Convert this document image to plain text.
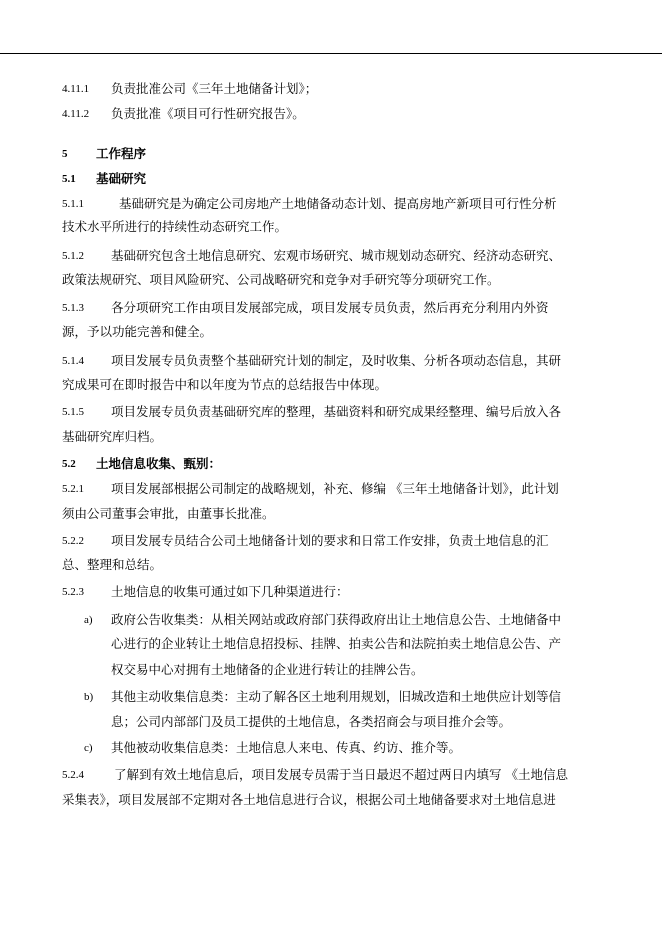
4.11.1 负责批准公司《三年土地储备计划》；
4.11.2 负责批准《项目可行性研究报告》。
5 工作程序
5.1 基础研究
5.1.1	基础研究是为确定公司房地产土地储备动态计划、提高房地产新项目可行性分析
技术水平所进行的持续性动态研究工作。
5.1.2 基础研究包含土地信息研究、宏观市场研究、城市规划动态研究、经济动态研究、
政策法规研究、项目风险研究、公司战略研究和竞争对手研究等分项研究工作。
5.1.3 各分项研究工作由项目发展部完成，项目发展专员负责，然后再充分利用内外资
源，予以功能完善和健全。
5.1.4 项目发展专员负责整个基础研究计划的制定，及时收集、分析各项动态信息，其研
究成果可在即时报告中和以年度为节点的总结报告中体现。
5.1.5 项目发展专员负责基础研究库的整理，基础资料和研究成果经整理、编号后放入各
基础研究库归档。
5.2 土地信息收集、甄别：
5.2.1 项目发展部根据公司制定的战略规划，补充、修编 《三年土地储备计划》，此计划
须由公司董事会审批，由董事长批准。
5.2.2 项目发展专员结合公司土地储备计划的要求和日常工作安排，负责土地信息的汇
总、整理和总结。
5.2.3 土地信息的收集可通过如下几种渠道进行：
a) 政府公告收集类：从相关网站或政府部门获得政府出让土地信息公告、土地储备中
心进行的企业转让土地信息招投标、挂牌、拍卖公告和法院拍卖土地信息公告、产
权交易中心对拥有土地储备的企业进行转让的挂牌公告。
b) 其他主动收集信息类：主动了解各区土地利用规划，旧城改造和土地供应计划等信
息；公司内部部门及员工提供的土地信息，各类招商会与项目推介会等。
c) 其他被动收集信息类：土地信息人来电、传真、约访、推介等。
5.2.4 了解到有效土地信息后，项目发展专员需于当日最迟不超过两日内填写 《土地信息
采集表》，项目发展部不定期对各土地信息进行合议，根据公司土地储备要求对土地信息进
